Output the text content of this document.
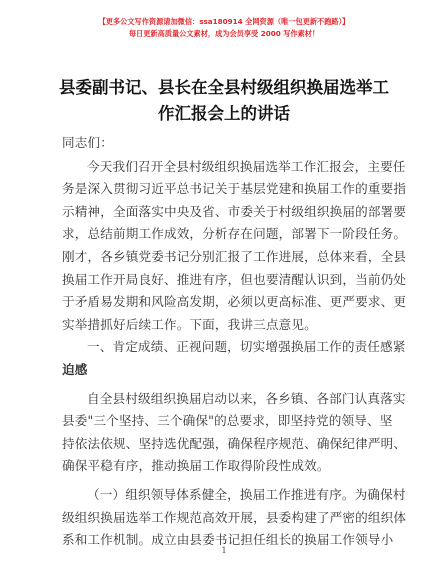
【更多公文写作资源请加微信：ssa180914 全网资源（唯一包更新不跑路）】
每日更新高质量公文素材，成为会员享受 2000 写作素材！
县委副书记、县长在全县村级组织换届选举工
作汇报会上的讲话

同志们：

今天我们召开全县村级组织换届选举工作汇报会，主要任
务是深入贯彻习近平总书记关于基层党建和换届工作的重要指
示精神，全面落实中央及省、市委关于村级组织换届的部署要
求，总结前期工作成效，分析存在问题，部署下一阶段任务。
刚才，各乡镇党委书记分别汇报了工作进展，总体来看，全县
换届工作开局良好、推进有序，但也要清醒认识到，当前仍处
于矛盾易发期和风险高发期，必须以更高标准、更严要求、更
实举措抓好后续工作。下面，我讲三点意见。

一、肯定成绩、正视问题，切实增强换届工作的责任感紧
迫感

自全县村级组织换届启动以来，各乡镇、各部门认真落实
县委"三个坚持、三个确保"的总要求，即坚持党的领导、坚
持依法依规、坚持选优配强，确保程序规范、确保纪律严明、
确保平稳有序，推动换届工作取得阶段性成效。

（一）组织领导体系健全，换届工作推进有序。为确保村
级组织换届选举工作规范高效开展，县委构建了严密的组织体
系和工作机制。成立由县委书记担任组长的换届工作领导小

1
